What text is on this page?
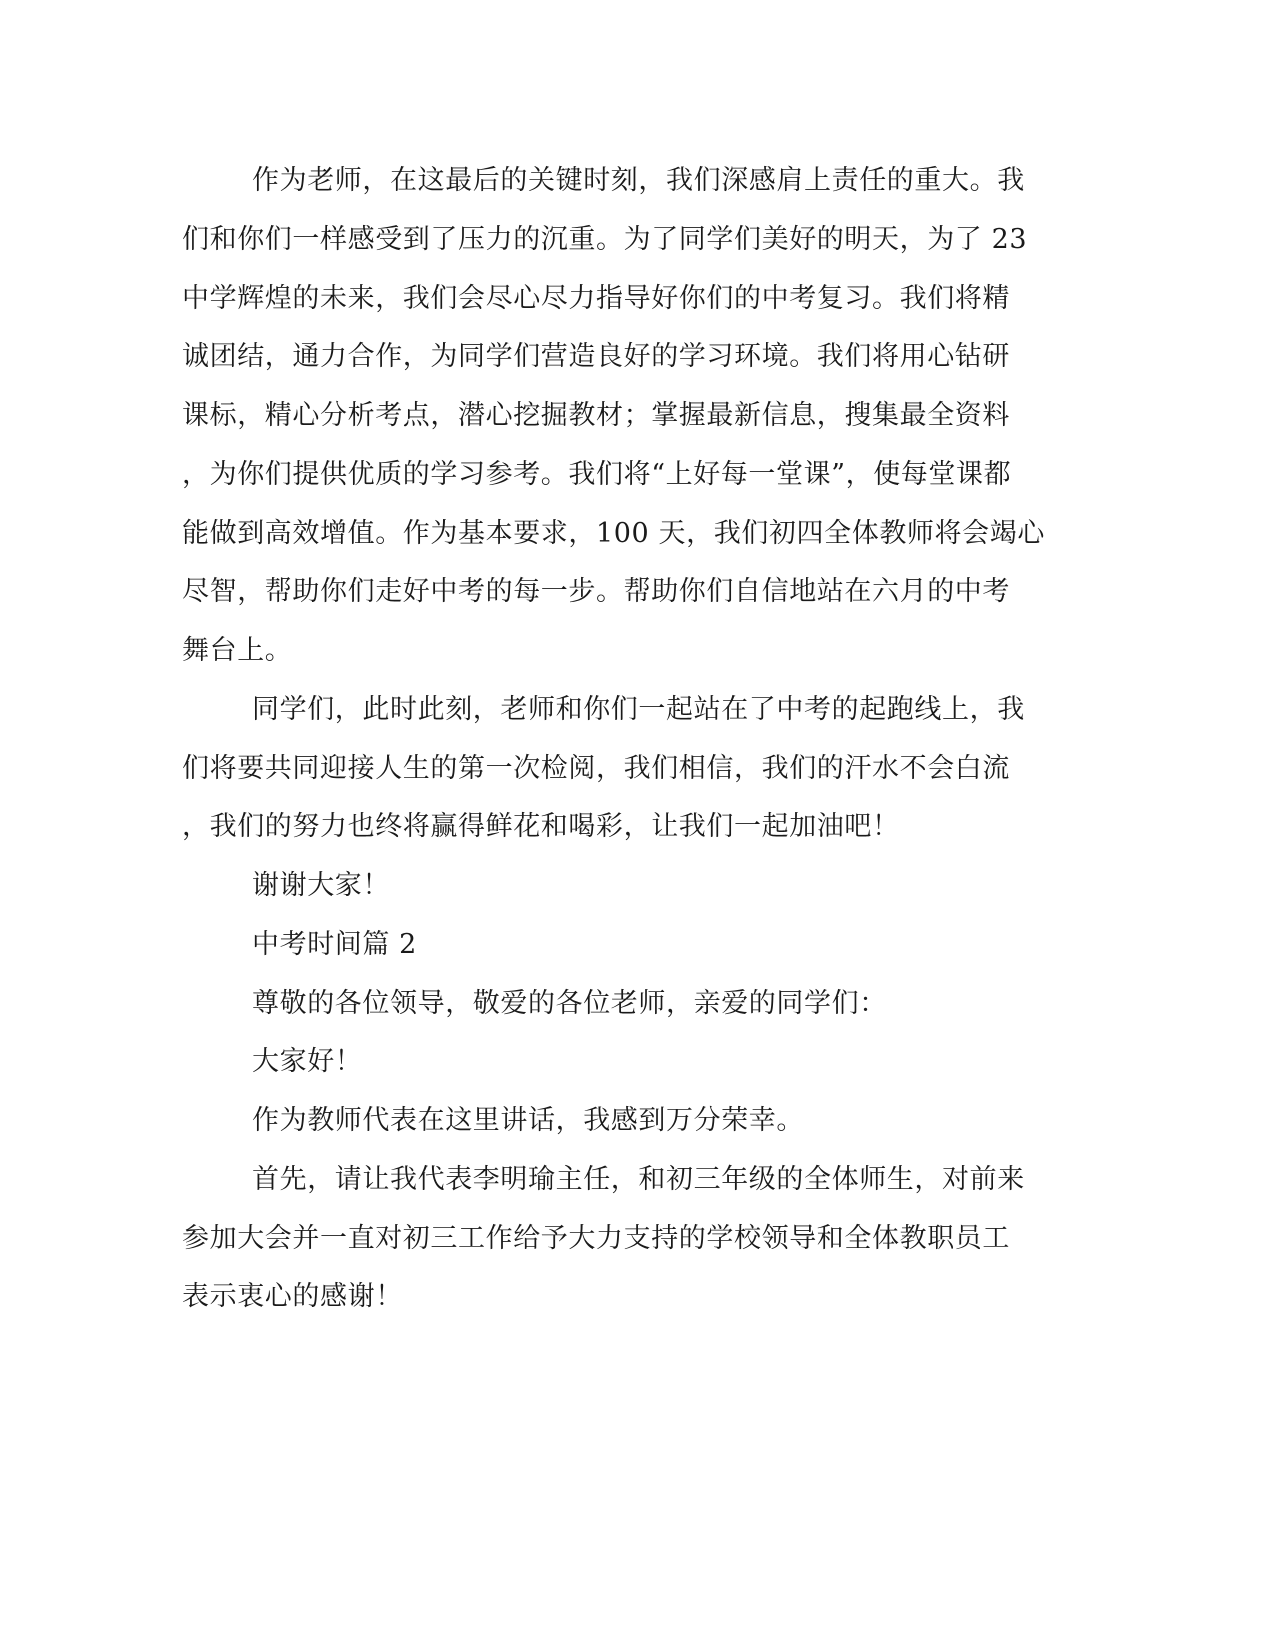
作为老师，在这最后的关键时刻，我们深感肩上责任的重大。我
们和你们一样感受到了压力的沉重。为了同学们美好的明天，为了 23
中学辉煌的未来，我们会尽心尽力指导好你们的中考复习。我们将精
诚团结，通力合作，为同学们营造良好的学习环境。我们将用心钻研
课标，精心分析考点，潜心挖掘教材；掌握最新信息，搜集最全资料
，为你们提供优质的学习参考。我们将“上好每一堂课”，使每堂课都
能做到高效增值。作为基本要求，100 天，我们初四全体教师将会竭心
尽智，帮助你们走好中考的每一步。帮助你们自信地站在六月的中考
舞台上。
同学们，此时此刻，老师和你们一起站在了中考的起跑线上，我
们将要共同迎接人生的第一次检阅，我们相信，我们的汗水不会白流
，我们的努力也终将赢得鲜花和喝彩，让我们一起加油吧！
谢谢大家！
中考时间篇 2
尊敬的各位领导，敬爱的各位老师，亲爱的同学们：
大家好！
作为教师代表在这里讲话，我感到万分荣幸。
首先，请让我代表李明瑜主任，和初三年级的全体师生，对前来
参加大会并一直对初三工作给予大力支持的学校领导和全体教职员工
表示衷心的感谢！
